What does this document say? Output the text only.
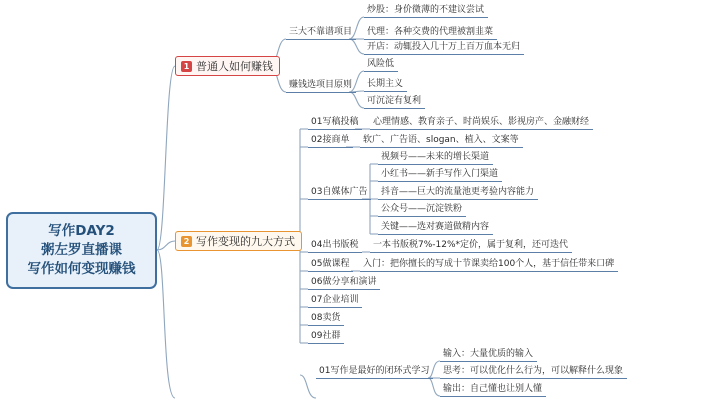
写作DAY2
粥左罗直播课
写作如何变现赚钱
1 普通人如何赚钱
三大不靠谱项目
炒股：身价微薄的不建议尝试
代理：各种交费的代理被割韭菜
开店：动辄投入几十万上百万血本无归
赚钱选项目原则
风险低
长期主义
可沉淀有复利
2 写作变现的九大方式
01写稿投稿	心理情感、教育亲子、时尚娱乐、影视房产、金融财经
02接商单	软广、广告语、slogan、植入、文案等
03自媒体广告
视频号——未来的增长渠道
小红书——新手写作入门渠道
抖音——巨大的流量池更考验内容能力
公众号——沉淀铁粉
关键——选对赛道做精内容
04出书版税	一本书版税7%-12%*定价，属于复利，还可迭代
05做课程	入门：把你擅长的写成十节课卖给100个人，基于信任带来口碑
06做分享和演讲
07企业培训
08卖货
09社群
01写作是最好的闭环式学习
输入：大量优质的输入
思考：可以优化什么行为，可以解释什么现象
输出：自己懂也让别人懂
